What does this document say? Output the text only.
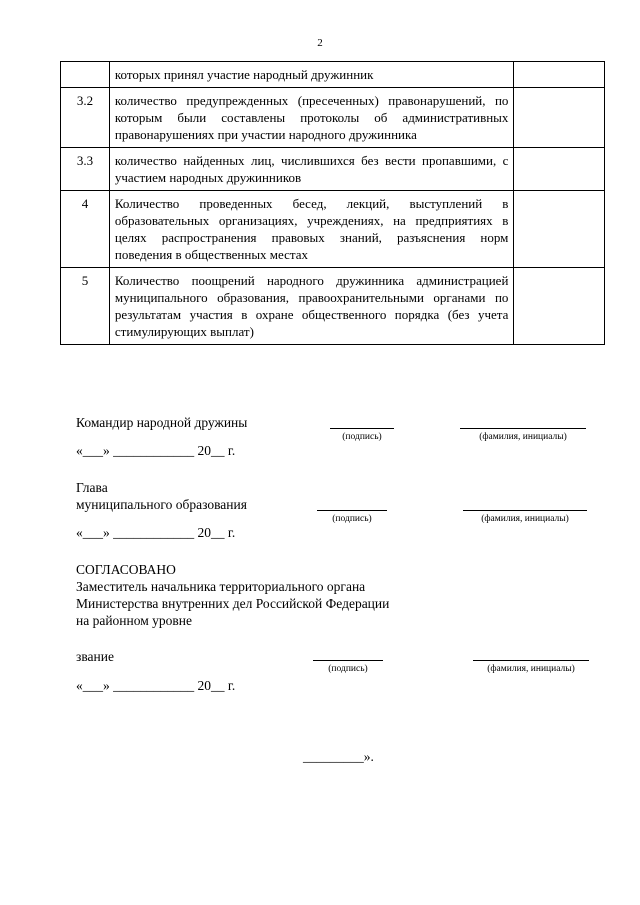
2
	которых принял участие народный дружинник	
3.2	количество предупрежденных (пресеченных) правонарушений, по которым были составлены протоколы об административных правонарушениях при участии народного дружинника	
3.3	количество найденных лиц, числившихся без вести пропавшими, с участием народных дружинников	
4	Количество проведенных бесед, лекций, выступлений в образовательных организациях, учреждениях, на предприятиях в целях распространения правовых знаний, разъяснения норм поведения в общественных местах	
5	Количество поощрений народного дружинника администрацией муниципального образования, правоохранительными органами по результатам участия в охране общественного порядка (без учета стимулирующих выплат)	
Командир народной дружины
(подпись)	(фамилия, инициалы)
«___» ____________ 20__ г.
Глава
муниципального образования
(подпись)	(фамилия, инициалы)
«___» ____________ 20__ г.
СОГЛАСОВАНО
Заместитель начальника территориального органа
Министерства внутренних дел Российской Федерации
на районном уровне
звание
(подпись)	(фамилия, инициалы)
«___» ____________ 20__ г.
_________».
